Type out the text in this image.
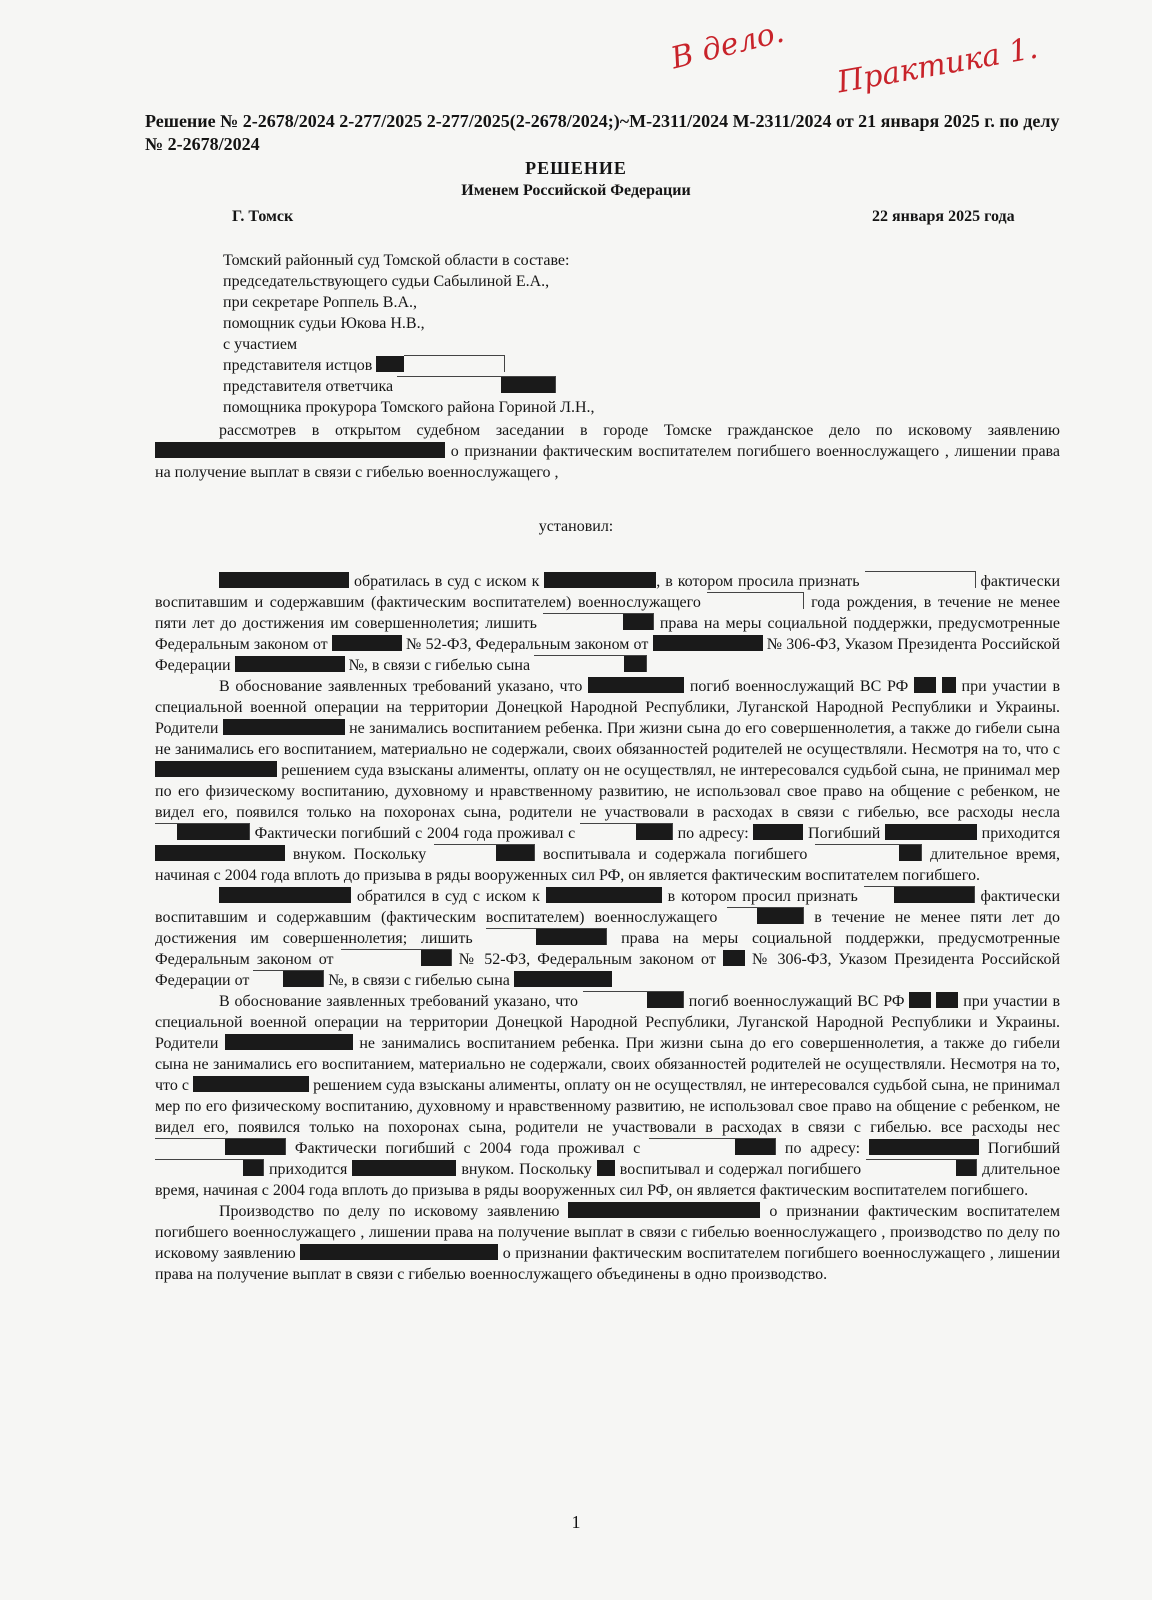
В дело. Практика 1.
Решение № 2-2678/2024 2-277/2025 2-277/2025(2-2678/2024;)~М-2311/2024 М-2311/2024 от 21 января 2025 г. по делу № 2-2678/2024
РЕШЕНИЕ
Именем Российской Федерации
Г. Томск	22 января 2025 года
Томский районный суд Томской области в составе:
председательствующего судьи Сабылиной Е.А.,
при секретаре Роппель В.А.,
помощник судьи Юкова Н.В.,
с участием
представителя истцов
представителя ответчика
помощника прокурора Томского района Гориной Л.Н.,

рассмотрев в открытом судебном заседании в городе Томске гражданское дело по исковому заявлению  о признании фактическим воспитателем погибшего военнослужащего , лишении права на получение выплат в связи с гибелью военнослужащего ,

установил:

обратилась в суд с иском к	, в котором просила признать	фактически воспитавшим и содержавшим (фактическим воспитателем) военнослужащего	года рождения, в течение не менее пяти лет до достижения им совершеннолетия; лишить	права на меры социальной поддержки, предусмотренные Федеральным законом от	№ 52-ФЗ, Федеральным законом от	№ 306-ФЗ, Указом Президента Российской Федерации	№, в связи с гибелью сына

В обоснование заявленных требований указано, что	погиб военнослужащий ВС РФ	при участии в специальной военной операции на территории Донецкой Народной Республики, Луганской Народной Республики и Украины. Родители	не занимались воспитанием ребенка. При жизни сына до его совершеннолетия, а также до гибели сына не занимались его воспитанием, материально не содержали, своих обязанностей родителей не осуществляли. Несмотря на то, что с  решением суда взысканы алименты, оплату он не осуществлял, не интересовался судьбой сына, не принимал мер по его физическому воспитанию, духовному и нравственному развитию, не использовал свое право на общение с ребенком, не видел его, появился только на похоронах сына, родители не участвовали в расходах в связи с гибелью, все расходы несла
Фактически погибший с 2004 года проживал с	по адресу:	Погибший	приходится  внуком. Поскольку	воспитывала и содержала погибшего	длительное время, начиная с 2004 года вплоть до призыва в ряды вооруженных сил РФ, он является фактическим воспитателем погибшего.

обратился в суд с иском к	в котором просил признать	фактически воспитавшим и содержавшим (фактическим воспитателем) военнослужащего	в течение не менее пяти лет до достижения им совершеннолетия; лишить	права на меры социальной поддержки, предусмотренные Федеральным законом от	№ 52-ФЗ, Федеральным законом от № 306-ФЗ, Указом Президента Российской Федерации от	№, в связи с гибелью сына

В обоснование заявленных требований указано, что	погиб военнослужащий ВС РФ	при участии в специальной военной операции на территории Донецкой Народной Республики, Луганской Народной Республики и Украины. Родители	не занимались воспитанием ребенка. При жизни сына до его совершеннолетия, а также до гибели сына не занимались его воспитанием, материально не содержали, своих обязанностей родителей не осуществляли. Несмотря на то, что с	решением суда взысканы алименты, оплату он не осуществлял, не интересовался судьбой сына, не принимал мер по его физическому воспитанию, духовному и нравственному развитию, не использовал свое право на общение с ребенком, не видел его, появился только на похоронах сына, родители не участвовали в расходах в связи с гибелью. все расходы нес
Фактически погибший с 2004 года проживал с	по адресу:	Погибший
приходится	внуком. Поскольку воспитывал и содержал погибшего	длительное время, начиная с 2004 года вплоть до призыва в ряды вооруженных сил РФ, он является фактическим воспитателем погибшего.

Производство по делу по исковому заявлению	о признании фактическим воспитателем погибшего военнослужащего , лишении права на получение выплат в связи с гибелью военнослужащего , производство по делу по исковому заявлению	о признании фактическим воспитателем погибшего военнослужащего , лишении права на получение выплат в связи с гибелью военнослужащего объединены в одно производство.

1
